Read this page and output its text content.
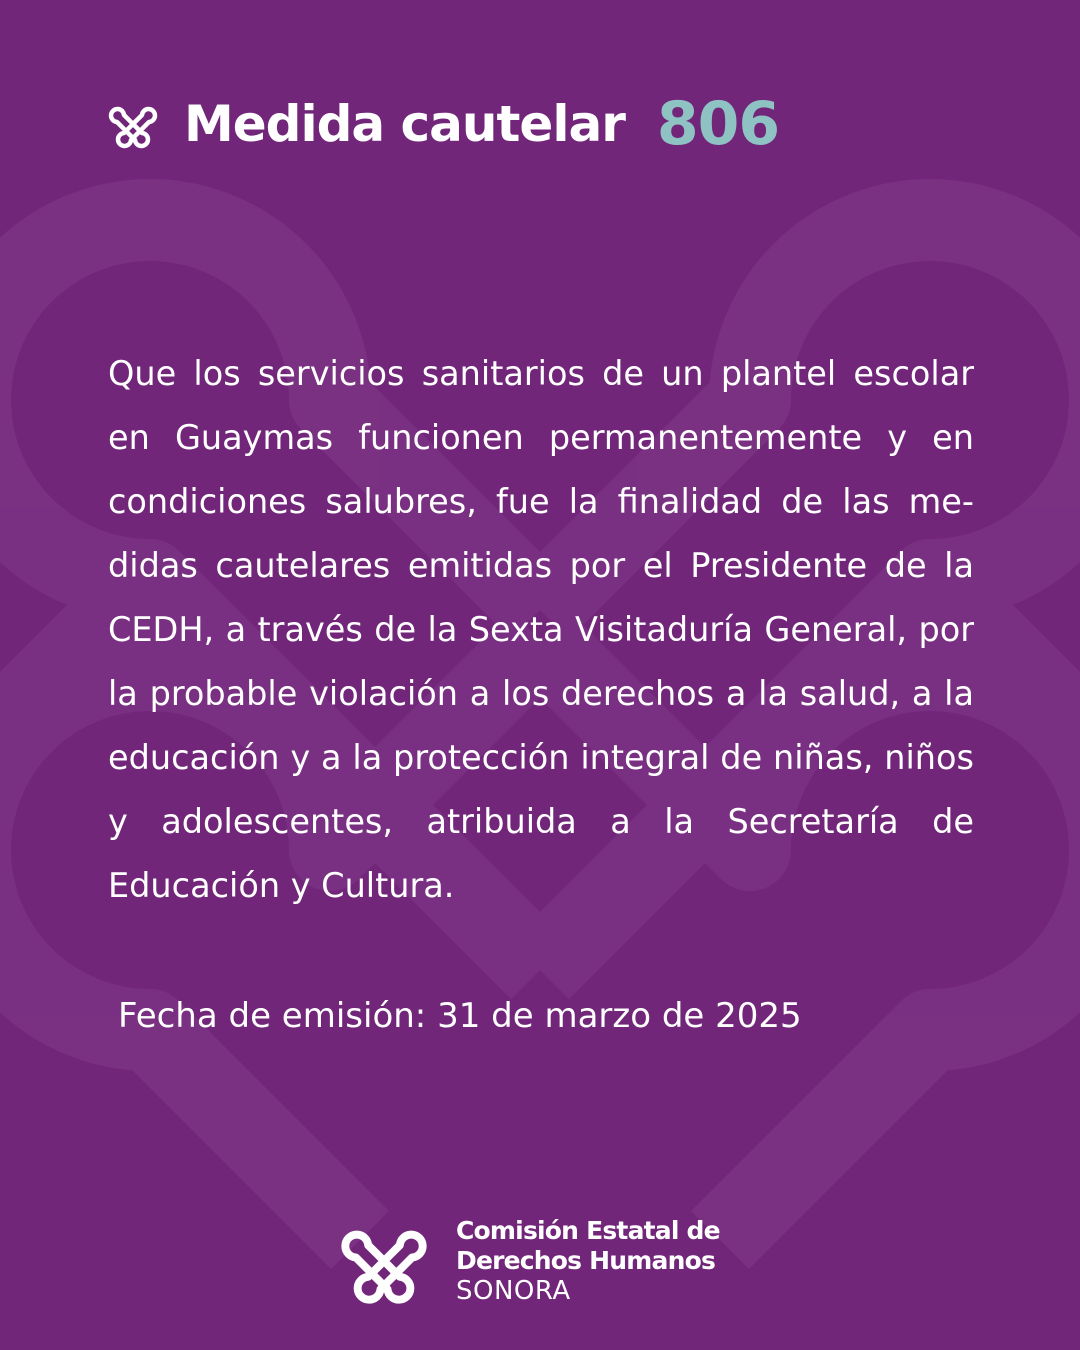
Medida cautelar 806

Que los servicios sanitarios de un plantel escolar en Guaymas funcionen permanentemente y en condiciones salubres, fue la finalidad de las medidas cautelares emitidas por el Presidente de la CEDH, a través de la Sexta Visitaduría General, por la probable violación a los derechos a la salud, a la educación y a la protección integral de niñas, niños y adolescentes, atribuida a la Secretaría de Educación y Cultura.

Fecha de emisión: 31 de marzo de 2025
Comisión Estatal de
Derechos Humanos
SONORA
